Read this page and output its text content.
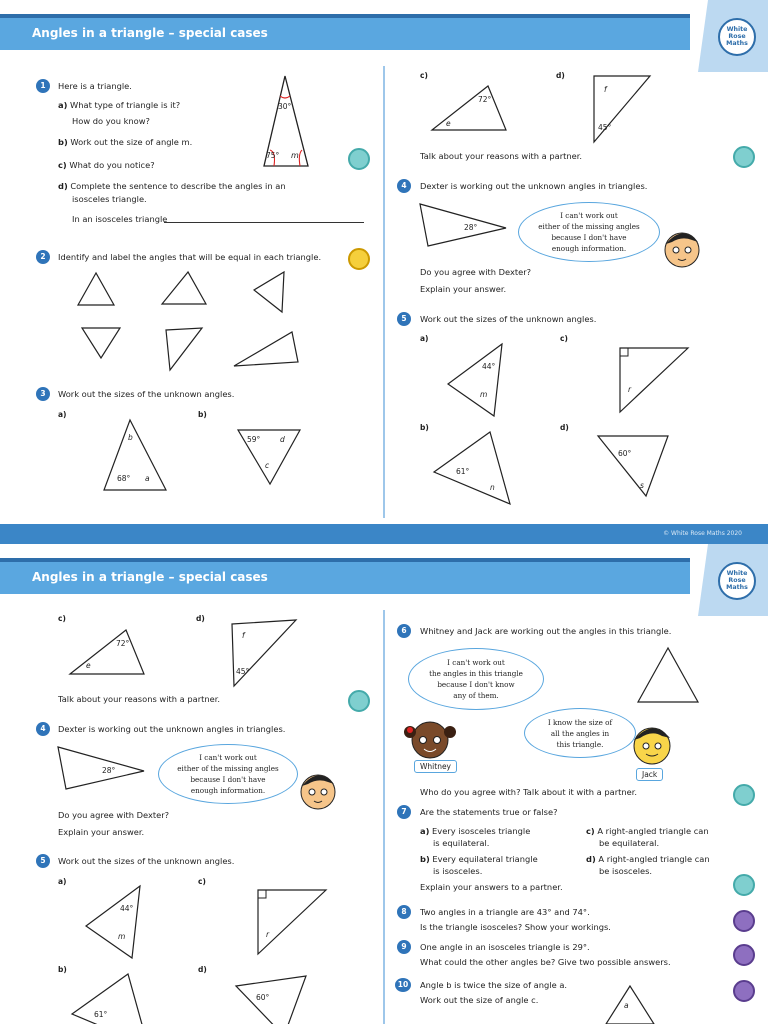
Angles in a triangle – special cases	White
Rose
Maths
1	Here is a triangle.
a) What type of triangle is it?
How do you know?
b) Work out the size of angle m.
c) What do you notice?
d) Complete the sentence to describe the angles in an
isosceles triangle.
In an isosceles triangle
30°
75° m
2	Identify and label the angles that will be equal in each triangle.
3	Work out the sizes of the unknown angles.
a)	b)
b
68° a
59°	d
c
c)	d)
72°
e
f
45°
Talk about your reasons with a partner.
4	Dexter is working out the unknown angles in triangles.
28°
I can't work out
either of the missing angles
because I don't have
enough information.
Do you agree with Dexter?
Explain your answer.
5	Work out the sizes of the unknown angles.
a)	c)
44°
m
r
b)	d)
61°
n
60°
s
© White Rose Maths 2020
Angles in a triangle – special cases	White
Rose
Maths
c)	d)
72°
e
f
45°
Talk about your reasons with a partner.
4	Dexter is working out the unknown angles in triangles.
28°
I can't work out
either of the missing angles
because I don't have
enough information.
Do you agree with Dexter?
Explain your answer.
5	Work out the sizes of the unknown angles.
a)	c)
44°
m	r
b)	d)
61°
60°
6	Whitney and Jack are working out the angles in this triangle.
I can't work out
the angles in this triangle
because I don't know
any of them.
I know the size of
all the angles in
this triangle.
Whitney
Jack
Who do you agree with? Talk about it with a partner.
7	Are the statements true or false?
a) Every isosceles triangle
is equilateral.
b) Every equilateral triangle
is isosceles.
c) A right-angled triangle can
be equilateral.
d) A right-angled triangle can
be isosceles.
Explain your answers to a partner.
8	Two angles in a triangle are 43° and 74°.
Is the triangle isosceles? Show your workings.
9	One angle in an isosceles triangle is 29°.
What could the other angles be? Give two possible answers.
10	Angle b is twice the size of angle a.
Work out the size of angle c.
a
